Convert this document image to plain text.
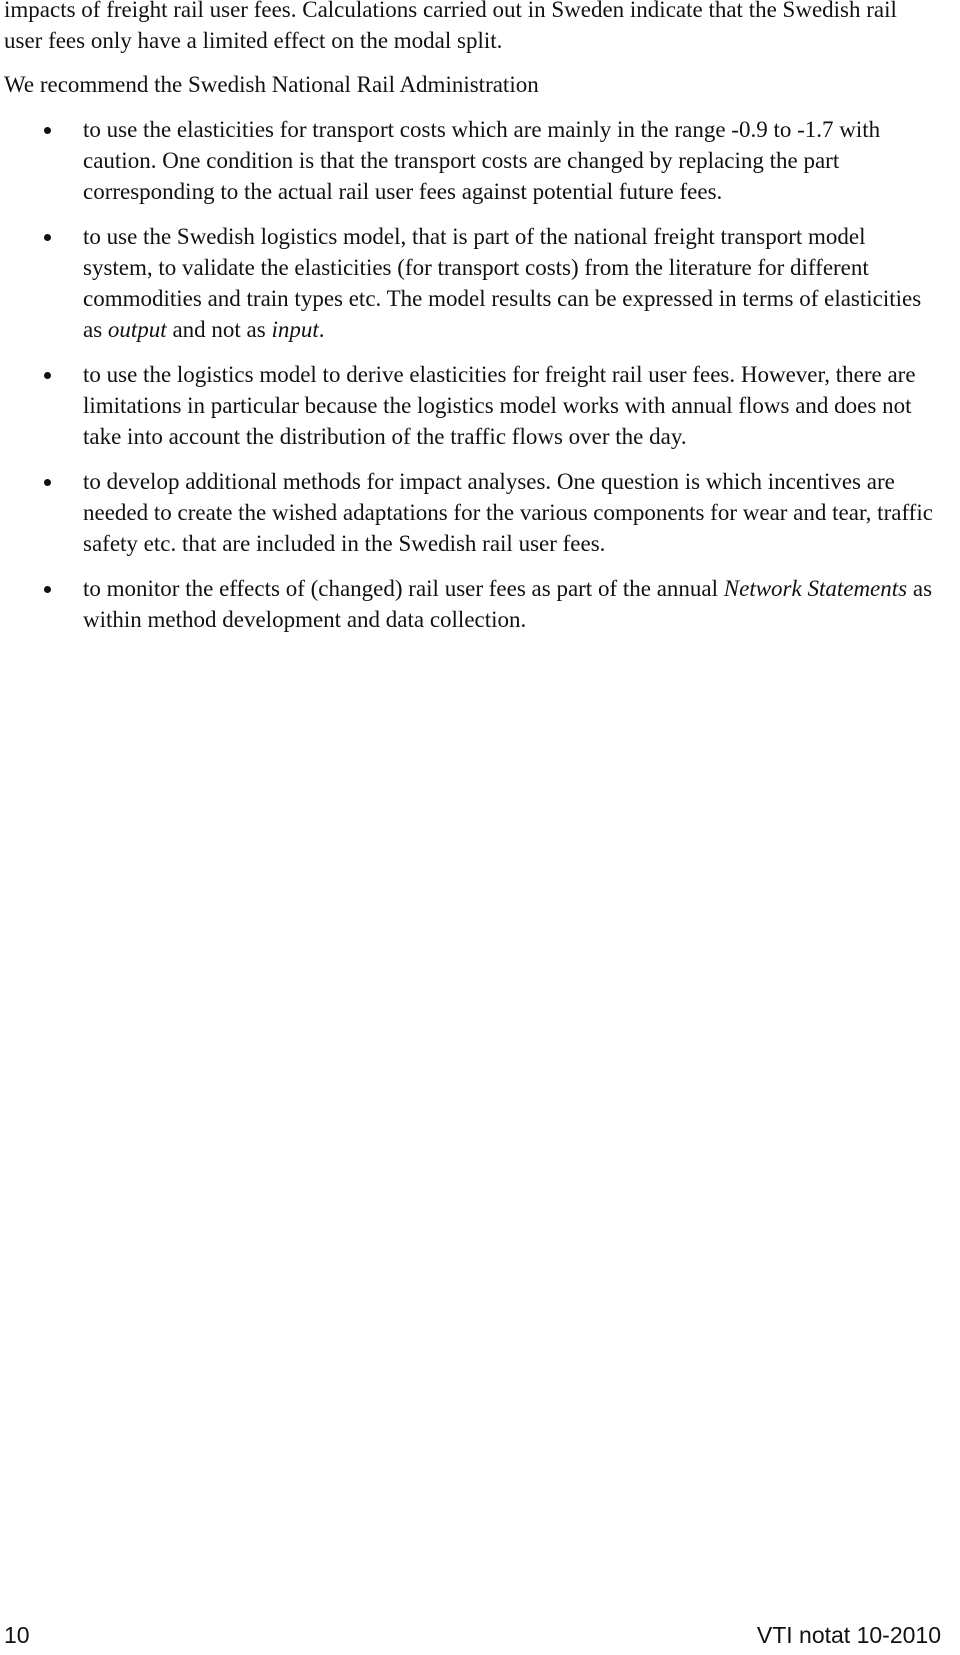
impacts of freight rail user fees. Calculations carried out in Sweden indicate that the Swedish rail user fees only have a limited effect on the modal split.

We recommend the Swedish National Rail Administration

to use the elasticities for transport costs which are mainly in the range -0.9 to -1.7 with caution. One condition is that the transport costs are changed by replacing the part corresponding to the actual rail user fees against potential future fees.
to use the Swedish logistics model, that is part of the national freight transport model system, to validate the elasticities (for transport costs) from the literature for different commodities and train types etc. The model results can be expressed in terms of elasticities as output and not as input.
to use the logistics model to derive elasticities for freight rail user fees. However, there are limitations in particular because the logistics model works with annual flows and does not take into account the distribution of the traffic flows over the day.
to develop additional methods for impact analyses. One question is which incentives are needed to create the wished adaptations for the various components for wear and tear, traffic safety etc. that are included in the Swedish rail user fees.
to monitor the effects of (changed) rail user fees as part of the annual Network Statements as within method development and data collection.
10	VTI notat 10-2010
